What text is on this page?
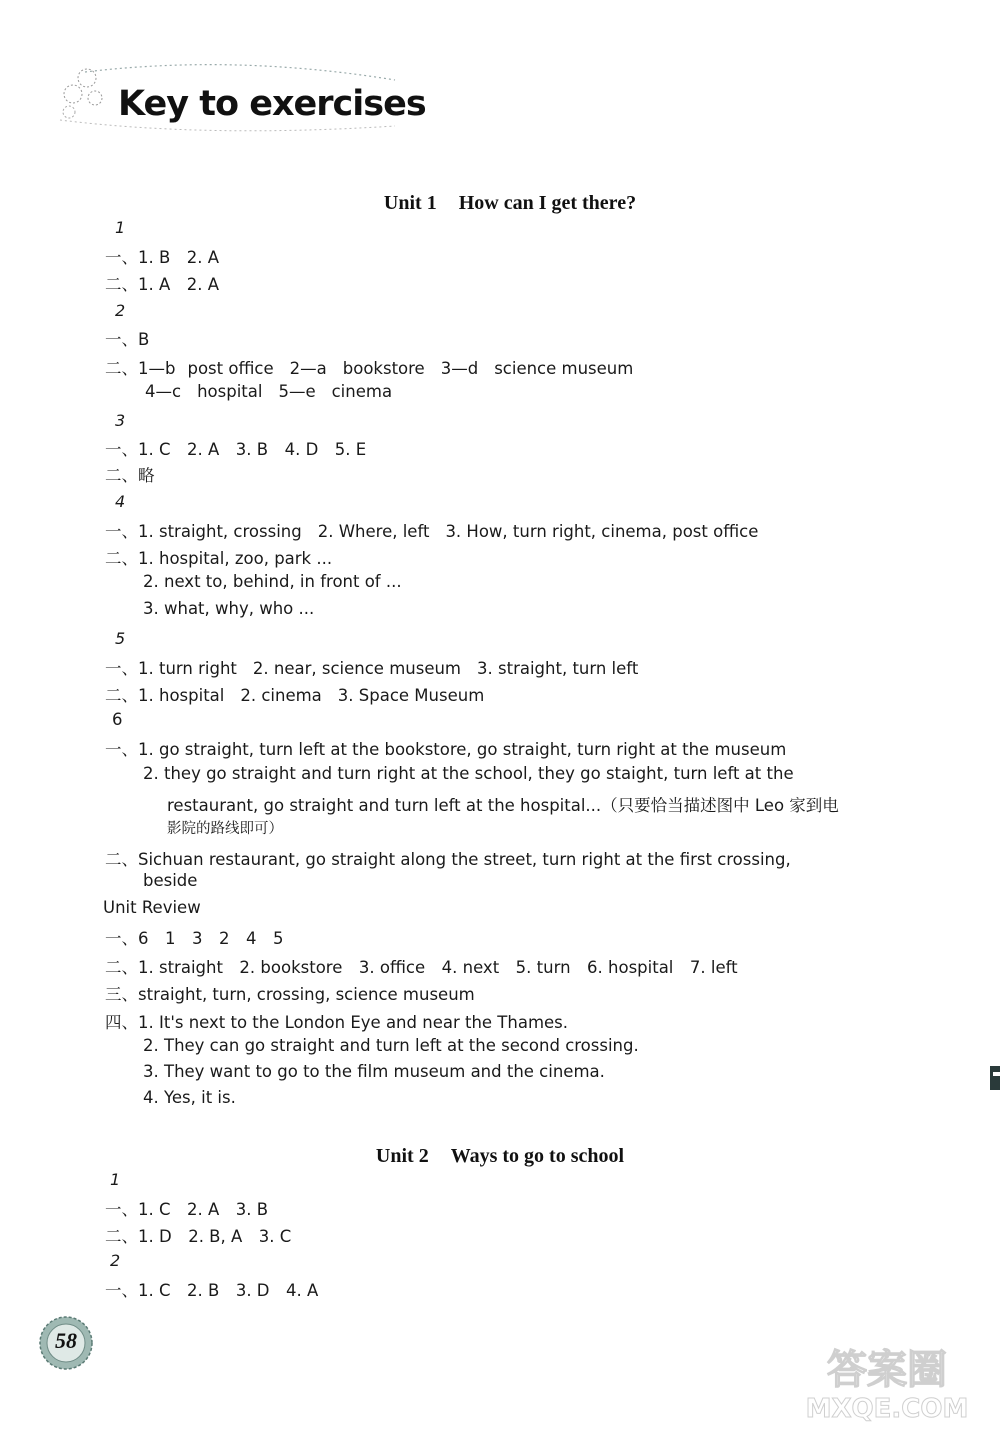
Key to exercises
Unit 1 How can I get there?
1
一、1. B　2. A
二、1. A　2. A
2
一、B
二、1—b post office 2—a bookstore 3—d science museum
4—c hospital 5—e cinema
3
一、1. C　2. A　3. B　4. D　5. E
二、略
4
一、1. straight, crossing 2. Where, left 3. How, turn right, cinema, post office
二、1. hospital, zoo, park ...
2. next to, behind, in front of ...
3. what, why, who ...
5
一、1. turn right 2. near, science museum 3. straight, turn left
二、1. hospital 2. cinema 3. Space Museum
6
一、1. go straight, turn left at the bookstore, go straight, turn right at the museum
2. they go straight and turn right at the school, they go staight, turn left at the
restaurant, go straight and turn left at the hospital...（只要恰当描述图中 Leo 家到电
影院的路线即可）
二、Sichuan restaurant, go straight along the street, turn right at the first crossing,
beside
Unit Review
一、6　1　3　2　4　5
二、1. straight　2. bookstore　3. office　4. next　5. turn　6. hospital　7. left
三、straight, turn, crossing, science museum
四、1. It's next to the London Eye and near the Thames.
2. They can go straight and turn left at the second crossing.
3. They want to go to the film museum and the cinema.
4. Yes, it is.
Unit 2 Ways to go to school
1
一、1. C　2. A　3. B
二、1. D　2. B, A　3. C
2
一、1. C　2. B　3. D　4. A
58
答案圈
MXQE.COM
